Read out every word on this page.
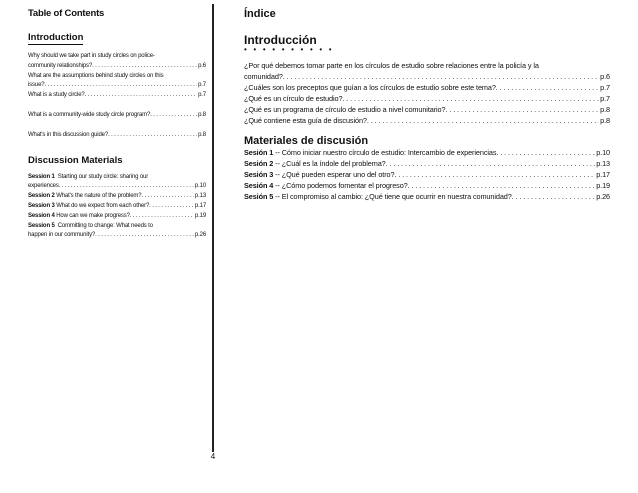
Table of Contents
Introduction
Why should we take part in study circles on police-
community relationships? . . .	p.6
What are the assumptions behind study circles on this
issue? . . .	p.7
What is a study circle? . . .	p.7
What is a community-wide study circle program? . . .	p.8
What's in this discussion guide? . . .	p.8
Discussion Materials
Session 1 Starting our study circle: sharing our
experiences . . .	p.10
Session 2
What's the nature of the problem? . . .	p.13
Session 3
What do we expect from each other? . . .	p.17
Session 4
How can we make progress? . . .	p.19
Session 5 Committing to change: What needs to
happen in our community? . . .	p.26
Índice
Introducción
• • • • • • • • • •
¿Por qué debemos tomar parte en los círculos de estudio sobre relaciones entre la policía y la
comunidad? . . .	p.6
¿Cuáles son los preceptos que guían a los círculos de estudio sobre este tema? . . .	p.7
¿Qué es un círculo de estudio? . . .	p.7
¿Qué es un programa de círculo de estudio a nivel comunitario? . . .	p.8
¿Qué contiene esta guía de discusión? . . .	p.8
Materiales de discusión
Sesión 1
-- Cómo iniciar nuestro círculo de estudio: Intercambio de experiencias . . .	p.10
Sesión 2
-- ¿Cuál es la índole del problema? . . .	p.13
Sesión 3
-- ¿Qué pueden esperar uno del otro? . . .	p.17
Sesión 4
-- ¿Cómo podemos fomentar el progreso? . . .	p.19
Sesión 5
-- El compromiso al cambio: ¿Qué tiene que ocurrir en nuestra comunidad? . . .	p.26
4
